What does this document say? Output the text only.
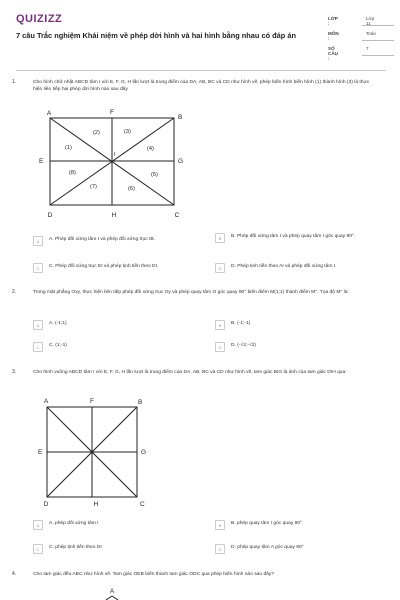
QUIZIZZ
7 câu Trắc nghiệm Khái niệm về phép dời hình và hai hình bằng nhau có đáp án
LỚP :
Lớp 11
MÔN :
Toán
SỐ CÂU :
7
1.	Cho hình chữ nhật ABCD tâm I với E, F, G, H lần lượt là trung điểm của DA, AB, BC và CD như hình vẽ, phép biến hình biến hình (1) thành hình (3) là thực hiện liên tiếp hai phép dời hình nào sau đây
A	F
B
E	G
D	H	C
I
(1)
(2)	(3)
(4)
(5)
(6)
(7)
(8)
A	F	B
E	G
D	H	C
A
A	A. Phép đối xứng tâm I và phép đối xứng trục IB.	B	B. Phép đối xứng tâm I và phép quay tâm I góc quay 90°.
C	C. Phép đối xứng trục EI và phép tịnh tiến theo DI.	D	D. Phép tịnh tiến theo AI và phép đối xứng tâm I.
2.	Trong mặt phẳng Oxy, thực hiện liên tiếp phép đối xứng trục Oy và phép quay tâm O góc quay 90° biến điểm M(1;1) thành điểm M''. Tọa độ M'' là:
A	A. (-1;1)	B	B. (-1;-1)
C	C. (1;-1)	D	D. (-√2;-√2)
3.	Cho hình vuông ABCD tâm I với E, F, G, H lần lượt là trung điểm của DA, AB, BC và CD như hình vẽ, tam giác BIG là ảnh của tam giác DIH qua:
A	A. phép đối xứng tâm I	B	B. phép quay tâm I góc quay 90°
C	C. phép tịnh tiến theo DI	D	D. phép quay tâm A góc quay 90°
4.	Cho tam giác đều ABC như hình vẽ. Tam giác OEB biến thành tam giác ODC qua phép biến hình nào sau đây?
